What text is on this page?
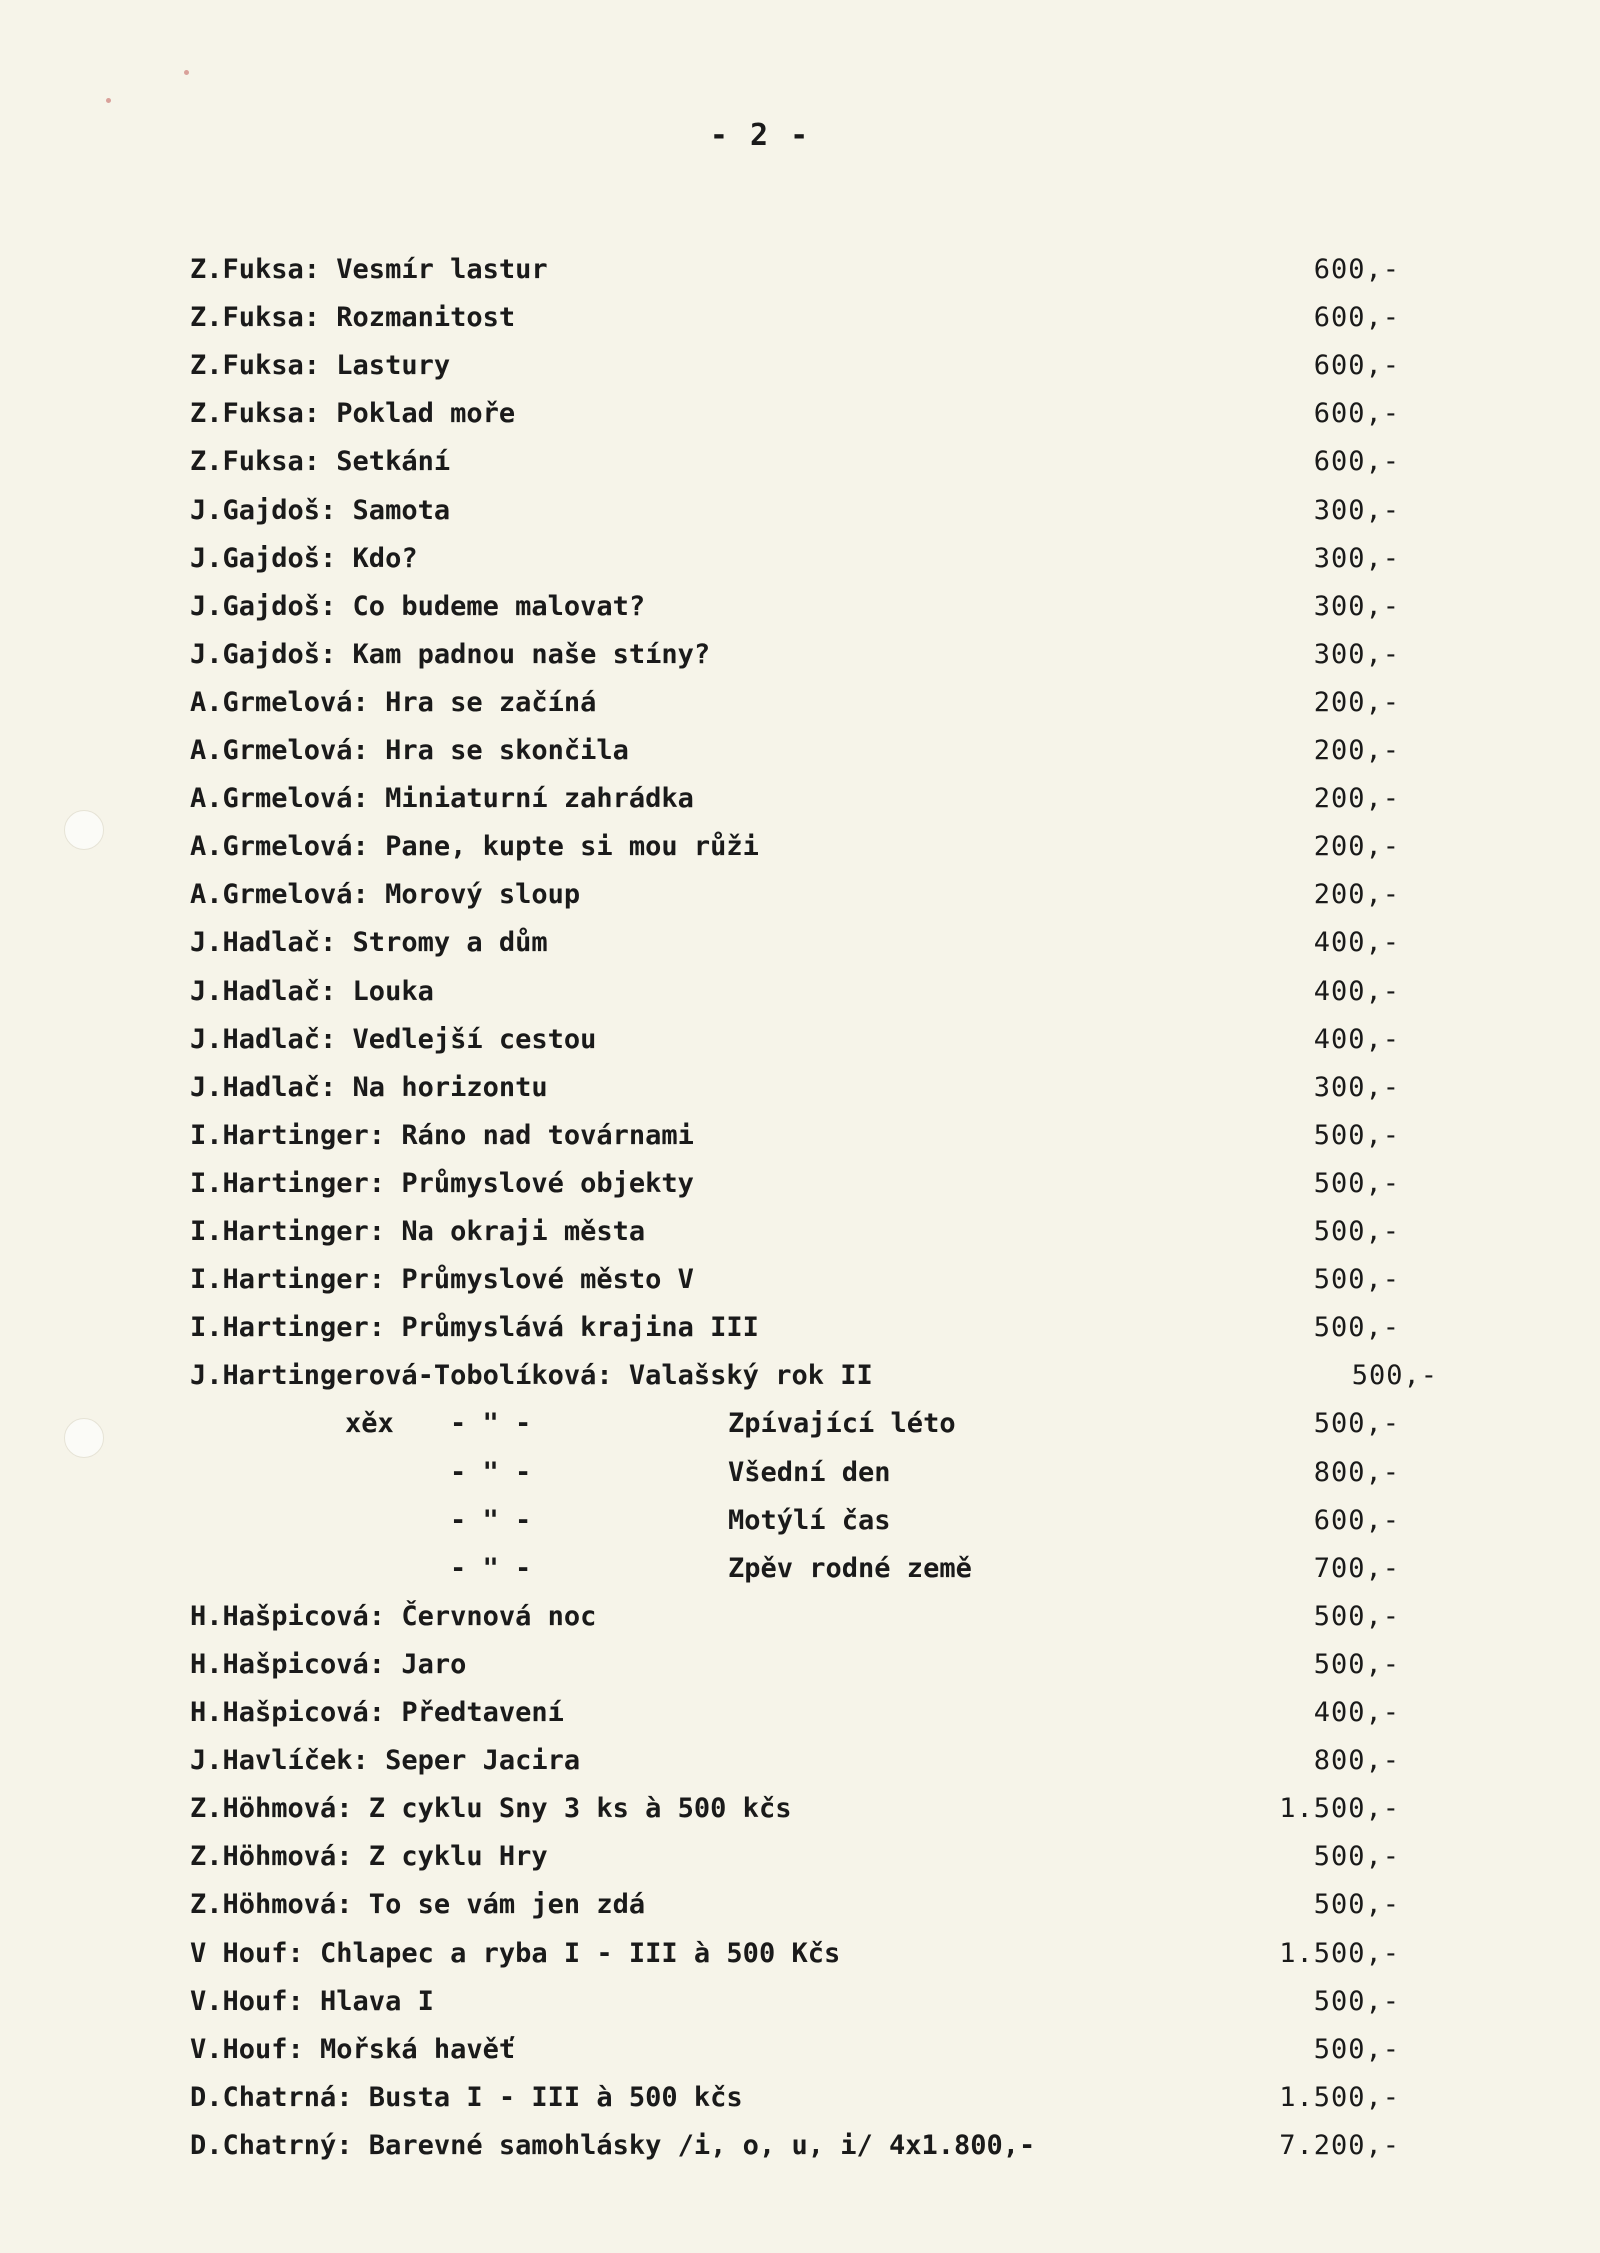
- 2 -
Z.Fuksa: Vesmír lastur	600,-
Z.Fuksa: Rozmanitost	600,-
Z.Fuksa: Lastury	600,-
Z.Fuksa: Poklad moře	600,-
Z.Fuksa: Setkání	600,-
J.Gajdoš: Samota	300,-
J.Gajdoš: Kdo?	300,-
J.Gajdoš: Co budeme malovat?	300,-
J.Gajdoš: Kam padnou naše stíny?	300,-
A.Grmelová: Hra se začíná	200,-
A.Grmelová: Hra se skončila	200,-
A.Grmelová: Miniaturní zahrádka	200,-
A.Grmelová: Pane, kupte si mou růži	200,-
A.Grmelová: Morový sloup	200,-
J.Hadlač: Stromy a dům	400,-
J.Hadlač: Louka	400,-
J.Hadlač: Vedlejší cestou	400,-
J.Hadlač: Na horizontu	300,-
I.Hartinger: Ráno nad továrnami	500,-
I.Hartinger: Průmyslové objekty	500,-
I.Hartinger: Na okraji města	500,-
I.Hartinger: Průmyslové město V	500,-
I.Hartinger: Průmyslává krajina III	500,-
J.Hartingerová-Tobolíková: Valašský rok II	500,-
xěx - " -	Zpívající léto	500,-
- " -	Všední den	800,-
- " -	Motýlí čas	600,-
- " -	Zpěv rodné země	700,-
H.Hašpicová: Červnová noc	500,-
H.Hašpicová: Jaro	500,-
H.Hašpicová: Předtavení	400,-
J.Havlíček: Seper Jacira	800,-
Z.Höhmová: Z cyklu Sny 3 ks à 500 kčs	1.500,-
Z.Höhmová: Z cyklu Hry	500,-
Z.Höhmová: To se vám jen zdá	500,-
V Houf: Chlapec a ryba I - III à 500 Kčs	1.500,-
V.Houf: Hlava I	500,-
V.Houf: Mořská havěť	500,-
D.Chatrná: Busta I - III à 500 kčs	1.500,-
D.Chatrný: Barevné samohlásky /i, o, u, i/ 4x1.800,-	7.200,-
